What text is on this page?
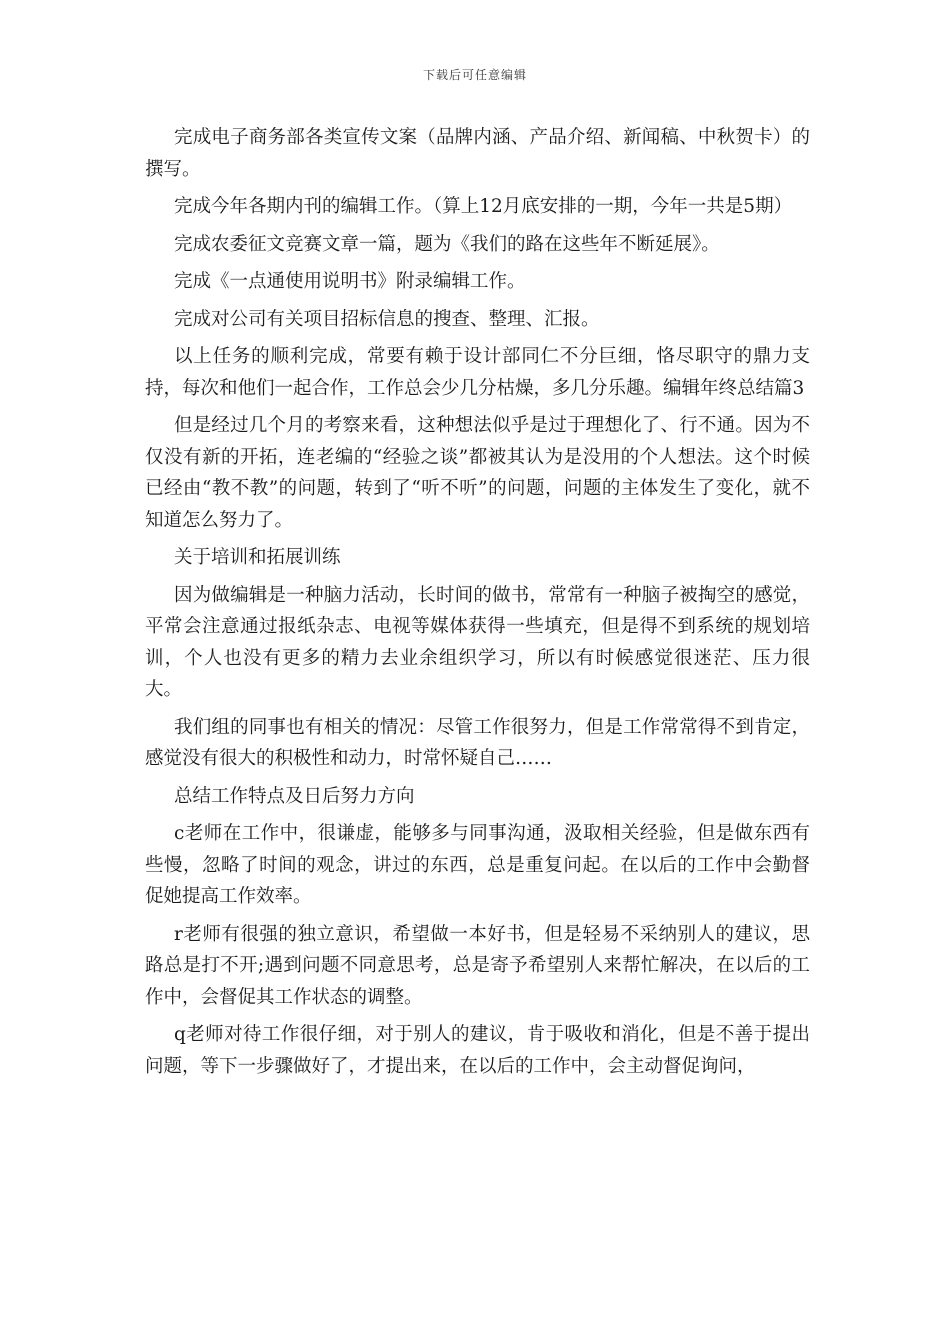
下载后可任意编辑

完成电子商务部各类宣传文案（品牌内涵、产品介绍、新闻稿、中秋贺卡）的撰写。

完成今年各期内刊的编辑工作。（算上12月底安排的一期，今年一共是5期）

完成农委征文竞赛文章一篇，题为《我们的路在这些年不断延展》。

完成《一点通使用说明书》附录编辑工作。

完成对公司有关项目招标信息的搜查、整理、汇报。

以上任务的顺利完成，常要有赖于设计部同仁不分巨细，恪尽职守的鼎力支持，每次和他们一起合作，工作总会少几分枯燥，多几分乐趣。编辑年终总结篇3

但是经过几个月的考察来看，这种想法似乎是过于理想化了、行不通。因为不仅没有新的开拓，连老编的“经验之谈”都被其认为是没用的个人想法。这个时候已经由“教不教”的问题，转到了“听不听”的问题，问题的主体发生了变化，就不知道怎么努力了。

关于培训和拓展训练

因为做编辑是一种脑力活动，长时间的做书，常常有一种脑子被掏空的感觉，平常会注意通过报纸杂志、电视等媒体获得一些填充，但是得不到系统的规划培训，个人也没有更多的精力去业余组织学习，所以有时候感觉很迷茫、压力很大。

我们组的同事也有相关的情况：尽管工作很努力，但是工作常常得不到肯定，感觉没有很大的积极性和动力，时常怀疑自己……

总结工作特点及日后努力方向

c老师在工作中，很谦虚，能够多与同事沟通，汲取相关经验，但是做东西有些慢，忽略了时间的观念，讲过的东西，总是重复问起。在以后的工作中会勤督促她提高工作效率。

r老师有很强的独立意识，希望做一本好书，但是轻易不采纳别人的建议，思路总是打不开;遇到问题不同意思考，总是寄予希望别人来帮忙解决，在以后的工作中，会督促其工作状态的调整。

q老师对待工作很仔细，对于别人的建议，肯于吸收和消化，但是不善于提出问题，等下一步骤做好了，才提出来，在以后的工作中，会主动督促询问，
